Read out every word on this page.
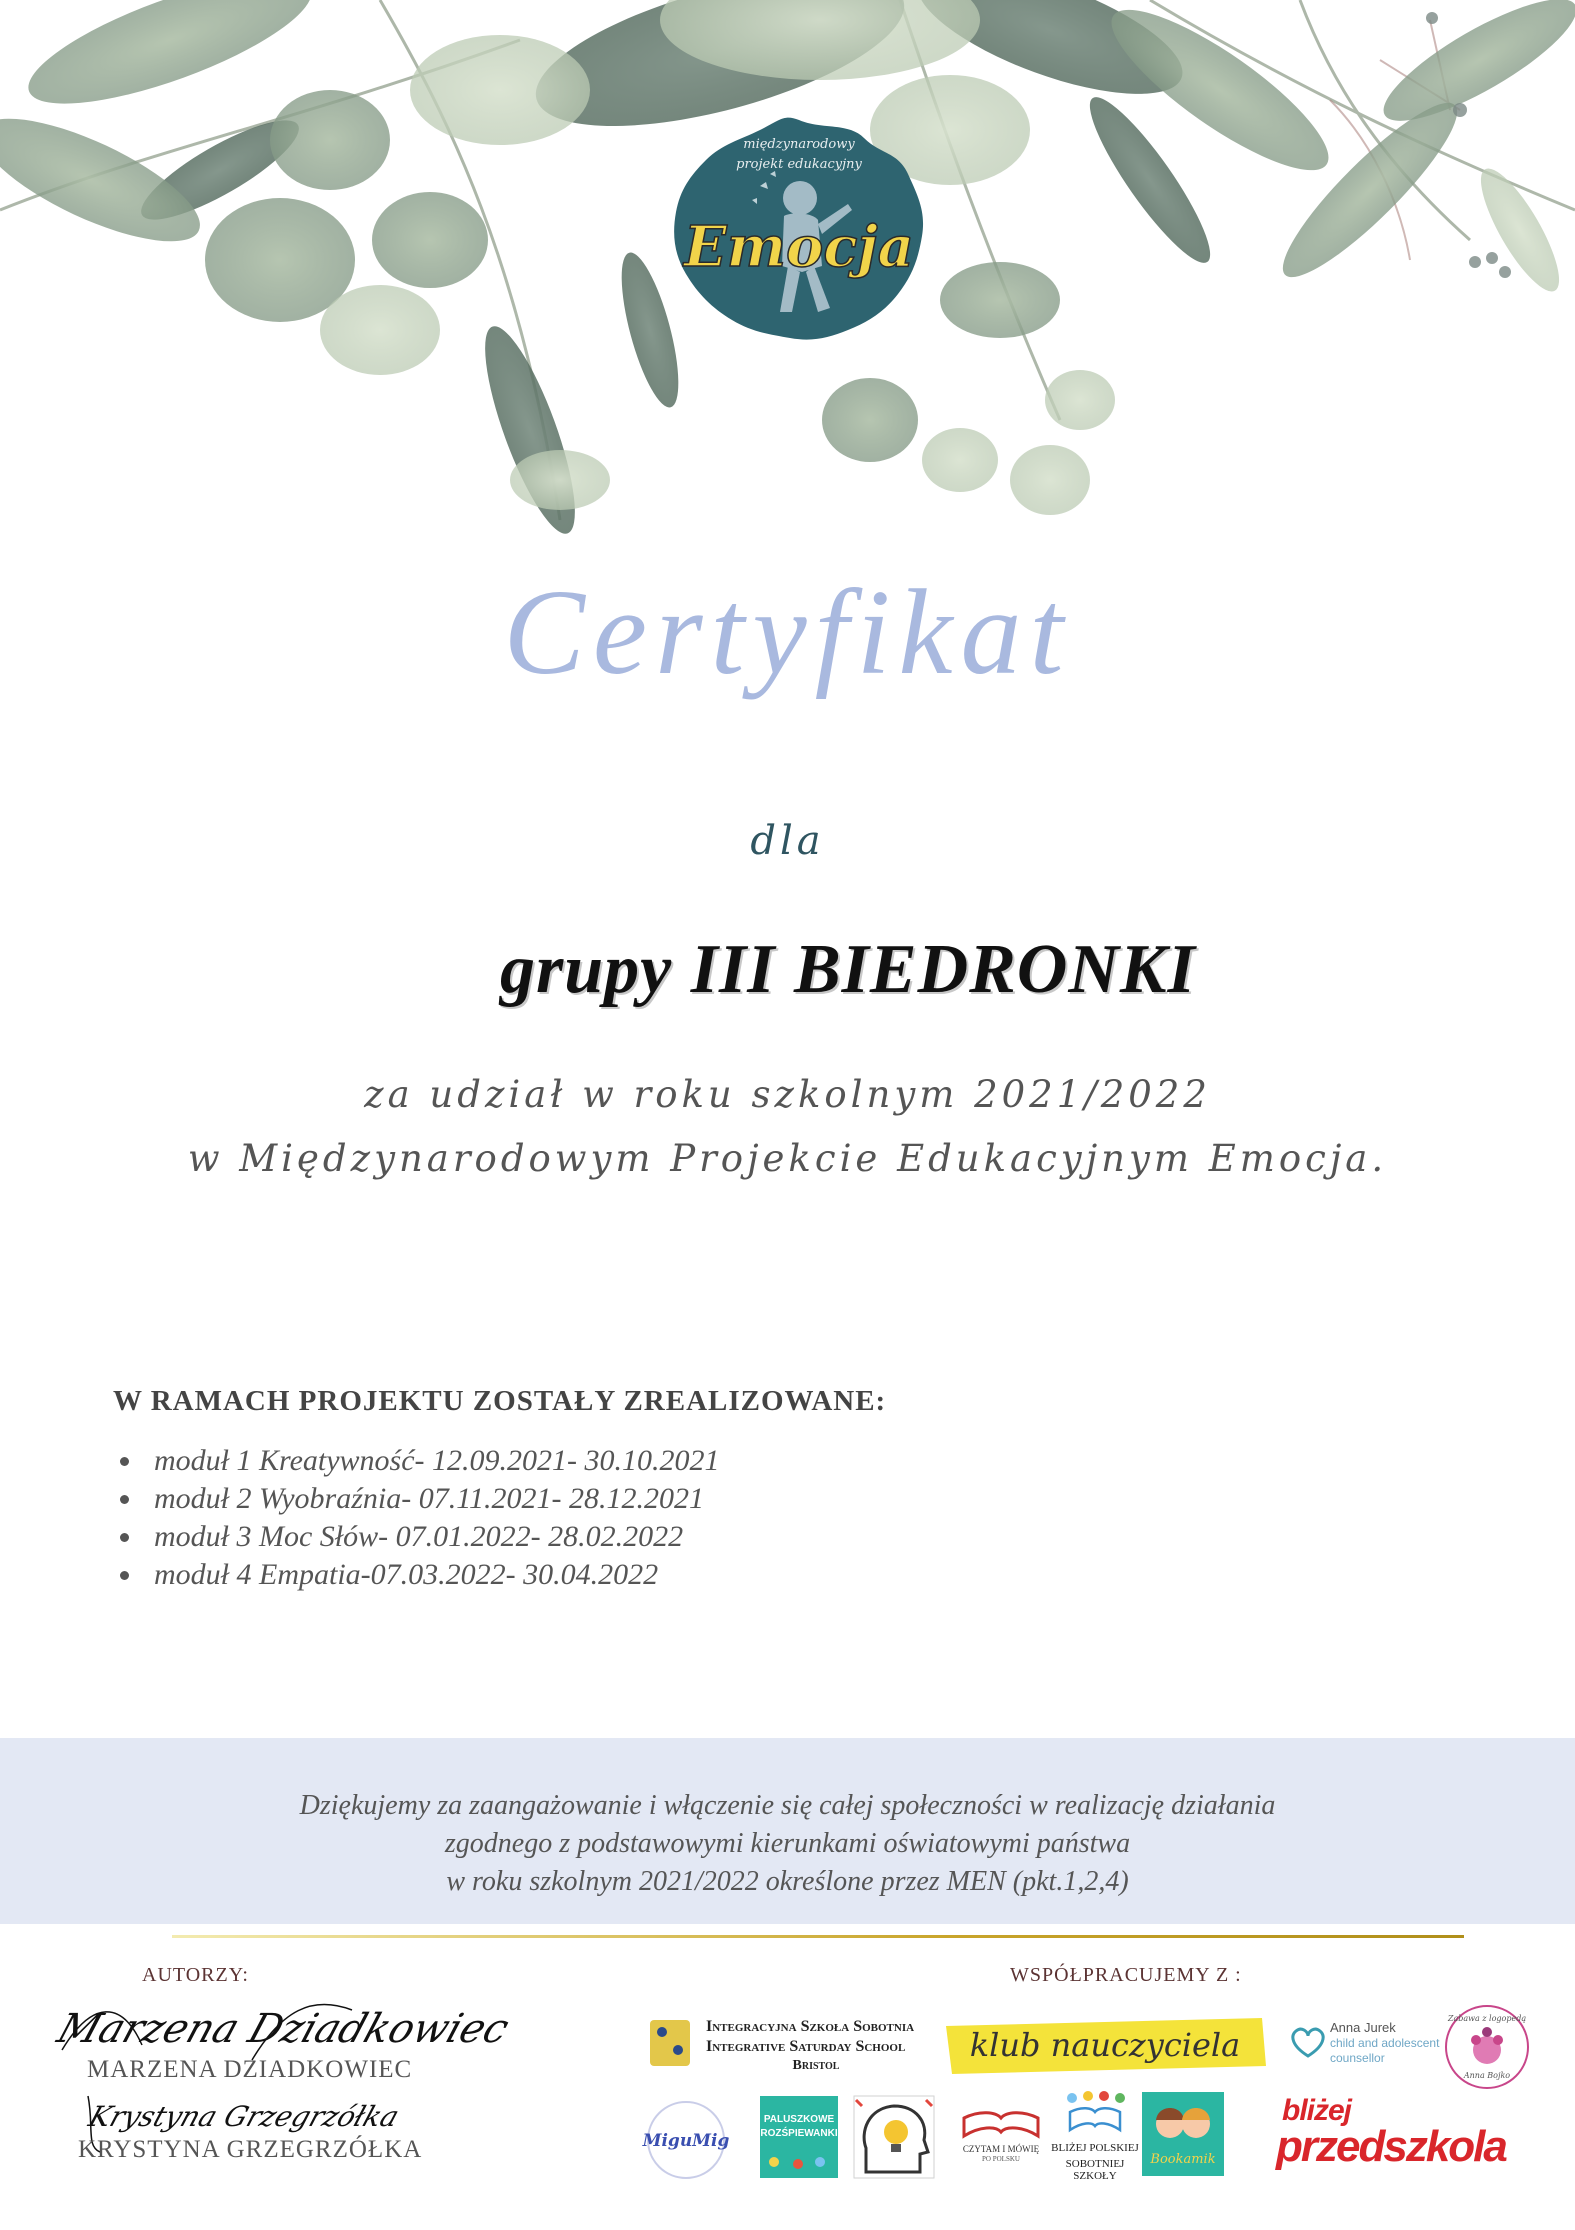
międzynarodowy
projekt edukacyjny
Emocja
Certyfikat
dla
grupy III BIEDRONKI
za udział w roku szkolnym 2021/2022
w Międzynarodowym Projekcie Edukacyjnym Emocja.
W RAMACH PROJEKTU ZOSTAŁY ZREALIZOWANE:
moduł 1 Kreatywność- 12.09.2021- 30.10.2021
moduł 2 Wyobraźnia- 07.11.2021- 28.12.2021
moduł 3 Moc Słów- 07.01.2022- 28.02.2022
moduł 4 Empatia-07.03.2022- 30.04.2022
Dziękujemy za zaangażowanie i włączenie się całej społeczności w realizację działania
zgodnego z podstawowymi kierunkami oświatowymi państwa
w roku szkolnym 2021/2022 określone przez MEN (pkt.1,2,4)
AUTORZY:	WSPÓŁPRACUJEMY Z :
Marzena Dziadkowiec
MARZENA DZIADKOWIEC
Krystyna Grzegrzółka
KRYSTYNA GRZEGRZÓŁKA
Integracyjna Szkoła Sobotnia
Integrative Saturday School
Bristol
klub nauczyciela	Anna Jurek
child and adolescent
counsellor
Zabawa z logopedą
Anna Bojko
MiguMig
PALUSZKOWE
ROZŚPIEWANKI
CZYTAM I MÓWIĘ
PO POLSKU
BLIŻEJ POLSKIEJ
SOBOTNIEJ SZKOŁY
Bookamik
bliżej
przedszkola
